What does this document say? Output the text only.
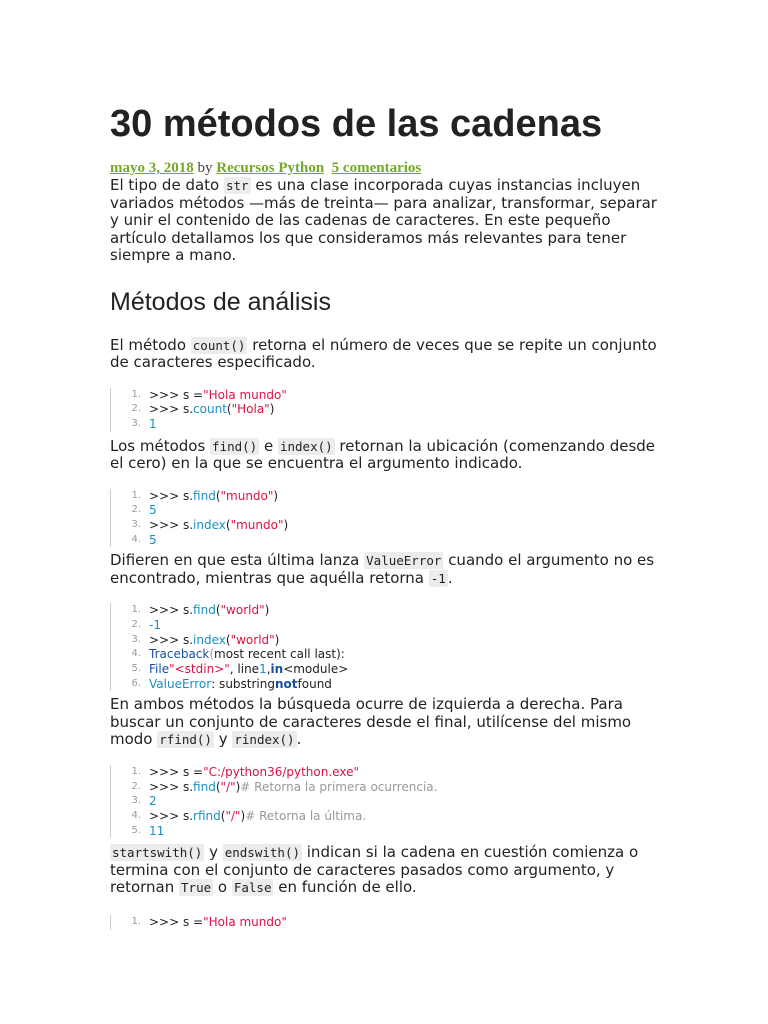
30 métodos de las cadenas
mayo 3, 2018 by Recursos Python 5 comentarios

El tipo de dato str es una clase incorporada cuyas instancias incluyen variados métodos —más de treinta— para analizar, transformar, separar y unir el contenido de las cadenas de caracteres. En este pequeño artículo detallamos los que consideramos más relevantes para tener siempre a mano.

Métodos de análisis

El método count() retorna el número de veces que se repite un conjunto de caracteres especificado.

1. >>> s = "Hola mundo"
2. >>> s. count ( "Hola" )
3. 1

Los métodos find() e index() retornan la ubicación (comenzando desde el cero) en la que se encuentra el argumento indicado.

1. >>> s. find ( "mundo" )
2. 5
3. >>> s. index ( "mundo" )
4. 5

Difieren en que esta última lanza ValueError cuando el argumento no es encontrado, mientras que aquélla retorna -1 .

1. >>> s. find ( "world" )
2. -1
3. >>> s. index ( "world" )
4. Traceback ( most recent call last ):
5. File "<stdin>" , line 1 , in <module>
6. ValueError : substring not found

En ambos métodos la búsqueda ocurre de izquierda a derecha. Para buscar un conjunto de caracteres desde el final, utilícense del mismo modo rfind() y rindex() .

1. >>> s = "C:/python36/python.exe"
2. >>> s. find ( "/" ) # Retorna la primera ocurrencia.
3. 2
4. >>> s. rfind ( "/" ) # Retorna la última.
5. 11

startswith() y endswith() indican si la cadena en cuestión comienza o termina con el conjunto de caracteres pasados como argumento, y retornan True o False en función de ello.

1. >>> s = "Hola mundo"
